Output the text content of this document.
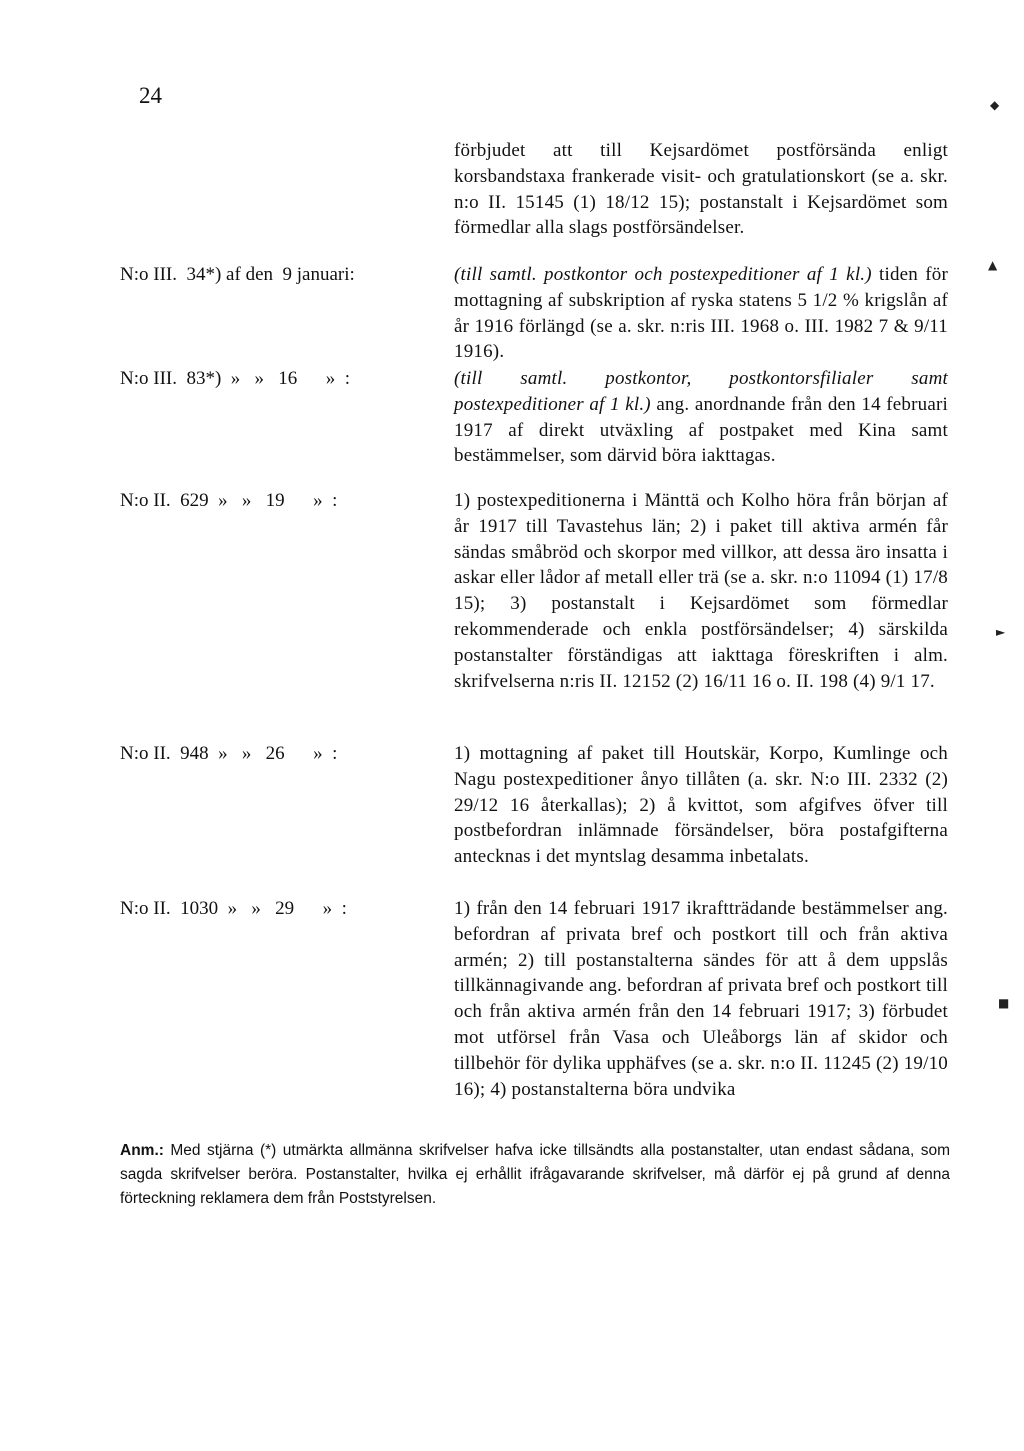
24
förbjudet att till Kejsardömet postförsända enligt korsbandstaxa frankerade visit- och gratulationskort (se a. skr. n:o II. 15145 (1) 18/12 15); postanstalt i Kejsardömet som förmedlar alla slags postförsändelser.
N:o III.  34*) af den  9 januari:	(till samtl. postkontor och postexpeditioner af 1 kl.) tiden för mottagning af subskription af ryska statens 5 1/2 % krigslån af år 1916 förlängd (se a. skr. n:ris III. 1968 o. III. 1982 7 & 9/11 1916).
N:o III.  83*)  »   »   16      »  :	(till samtl. postkontor, postkontorsfilialer samt postexpeditioner af 1 kl.) ang. anordnande från den 14 februari 1917 af direkt utväxling af postpaket med Kina samt bestämmelser, som därvid böra iakttagas.
N:o II.  629  »   »   19      »  :	1) postexpeditionerna i Mänttä och Kolho höra från början af år 1917 till Tavastehus län; 2) i paket till aktiva armén får sändas småbröd och skorpor med villkor, att dessa äro insatta i askar eller lådor af metall eller trä (se a. skr. n:o 11094 (1) 17/8 15); 3) postanstalt i Kejsardömet som förmedlar rekommenderade och enkla postförsändelser; 4) särskilda postanstalter förständigas att iakttaga föreskriften i alm. skrifvelserna n:ris II. 12152 (2) 16/11 16 o. II. 198 (4) 9/1 17.
N:o II.  948  »   »   26      »  :	1) mottagning af paket till Houtskär, Korpo, Kumlinge och Nagu postexpeditioner ånyo tillåten (a. skr. N:o III. 2332 (2) 29/12 16 återkallas); 2) å kvittot, som afgifves öfver till postbefordran inlämnade försändelser, böra postafgifterna antecknas i det myntslag desamma inbetalats.
N:o II.  1030  »   »   29      »  :	1) från den 14 februari 1917 ikraftträdande bestämmelser ang. befordran af privata bref och postkort till och från aktiva armén; 2) till postanstalterna sändes för att å dem uppslås tillkännagivande ang. befordran af privata bref och postkort till och från aktiva armén från den 14 februari 1917; 3) förbudet mot utförsel från Vasa och Uleåborgs län af skidor och tillbehör för dylika upphäfves (se a. skr. n:o II. 11245 (2) 19/10 16); 4) postanstalterna böra undvika
Anm.: Med stjärna (*) utmärkta allmänna skrifvelser hafva icke tillsändts alla postanstalter, utan endast sådana, som sagda skrifvelser beröra. Postanstalter, hvilka ej erhållit ifrågavarande skrifvelser, må därför ej på grund af denna förteckning reklamera dem från Poststyrelsen.
◆
▲
►
■
